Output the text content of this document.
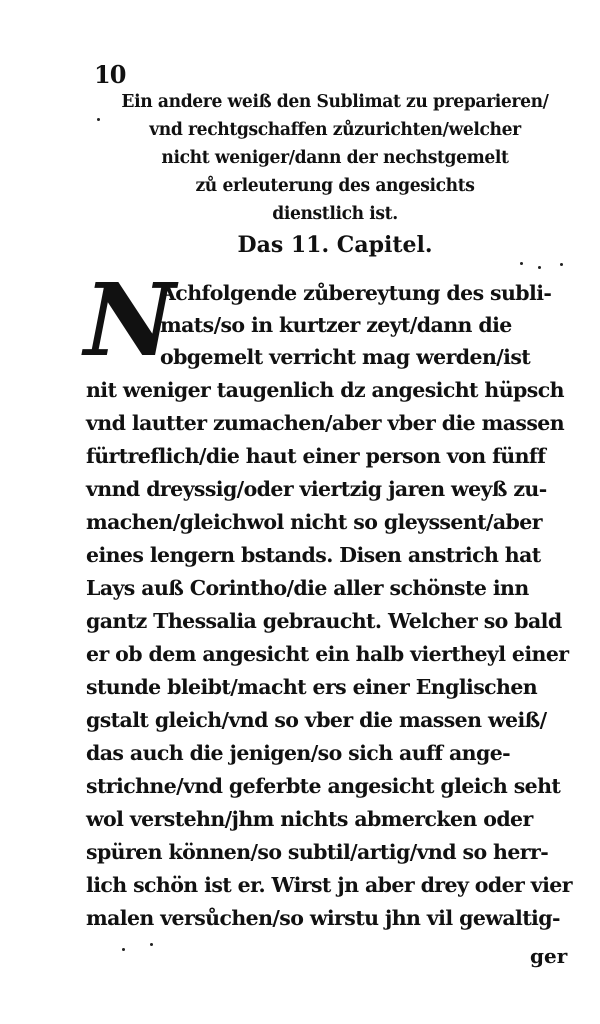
10
Ein andere weiß den Sublimat zu preparieren/
vnd rechtgschaffen zůzurichten/welcher
nicht weniger/dann der nechstgemelt
zů erleuterung des angesichts
dienstlich ist.
Das 11. Capitel.
N
Achfolgende zůbereytung des subli-
mats/so in kurtzer zeyt/dann die
obgemelt verricht mag werden/ist
nit weniger taugenlich dz angesicht hüpsch
vnd lautter zumachen/aber vber die massen
fürtreflich/die haut einer person von fünff
vnnd dreyssig/oder viertzig jaren weyß zu-
machen/gleichwol nicht so gleyssent/aber
eines lengern bstands. Disen anstrich hat
Lays auß Corintho/die aller schönste inn
gantz Thessalia gebraucht. Welcher so bald
er ob dem angesicht ein halb viertheyl einer
stunde bleibt/macht ers einer Englischen
gstalt gleich/vnd so vber die massen weiß/
das auch die jenigen/so sich auff ange-
strichne/vnd geferbte angesicht gleich seht
wol verstehn/jhm nichts abmercken oder
spüren können/so subtil/artig/vnd so herr-
lich schön ist er. Wirst jn aber drey oder vier
malen versůchen/so wirstu jhn vil gewaltig-
ger
